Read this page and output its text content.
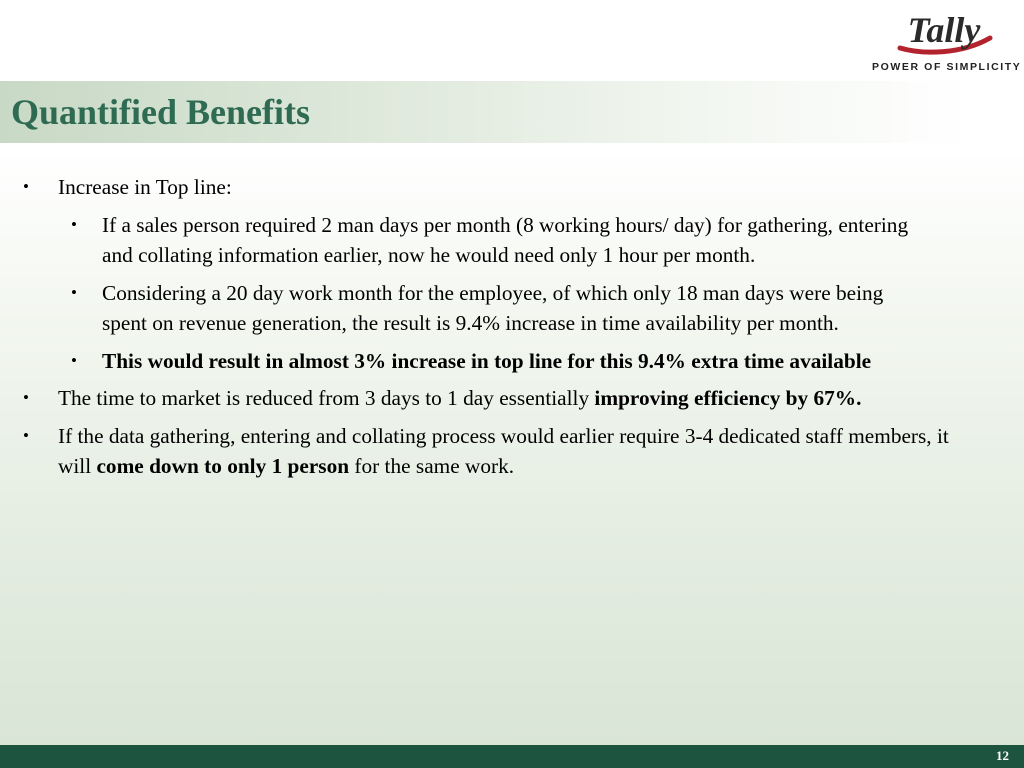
Tally
POWER OF SIMPLICITY
Quantified Benefits
• Increase in Top line:
• If a sales person required 2 man days per month (8 working hours/ day) for gathering, entering and collating information earlier, now he would need only 1 hour per month.
• Considering a 20 day work month for the employee, of which only 18 man days were being spent on revenue generation, the result is 9.4% increase in time availability per month.
• This would result in almost 3% increase in top line for this 9.4% extra time available
• The time to market is reduced from 3 days to 1 day essentially improving efficiency by 67%.
• If the data gathering, entering and collating process would earlier require 3-4 dedicated staff members, it will come down to only 1 person for the same work.
12
